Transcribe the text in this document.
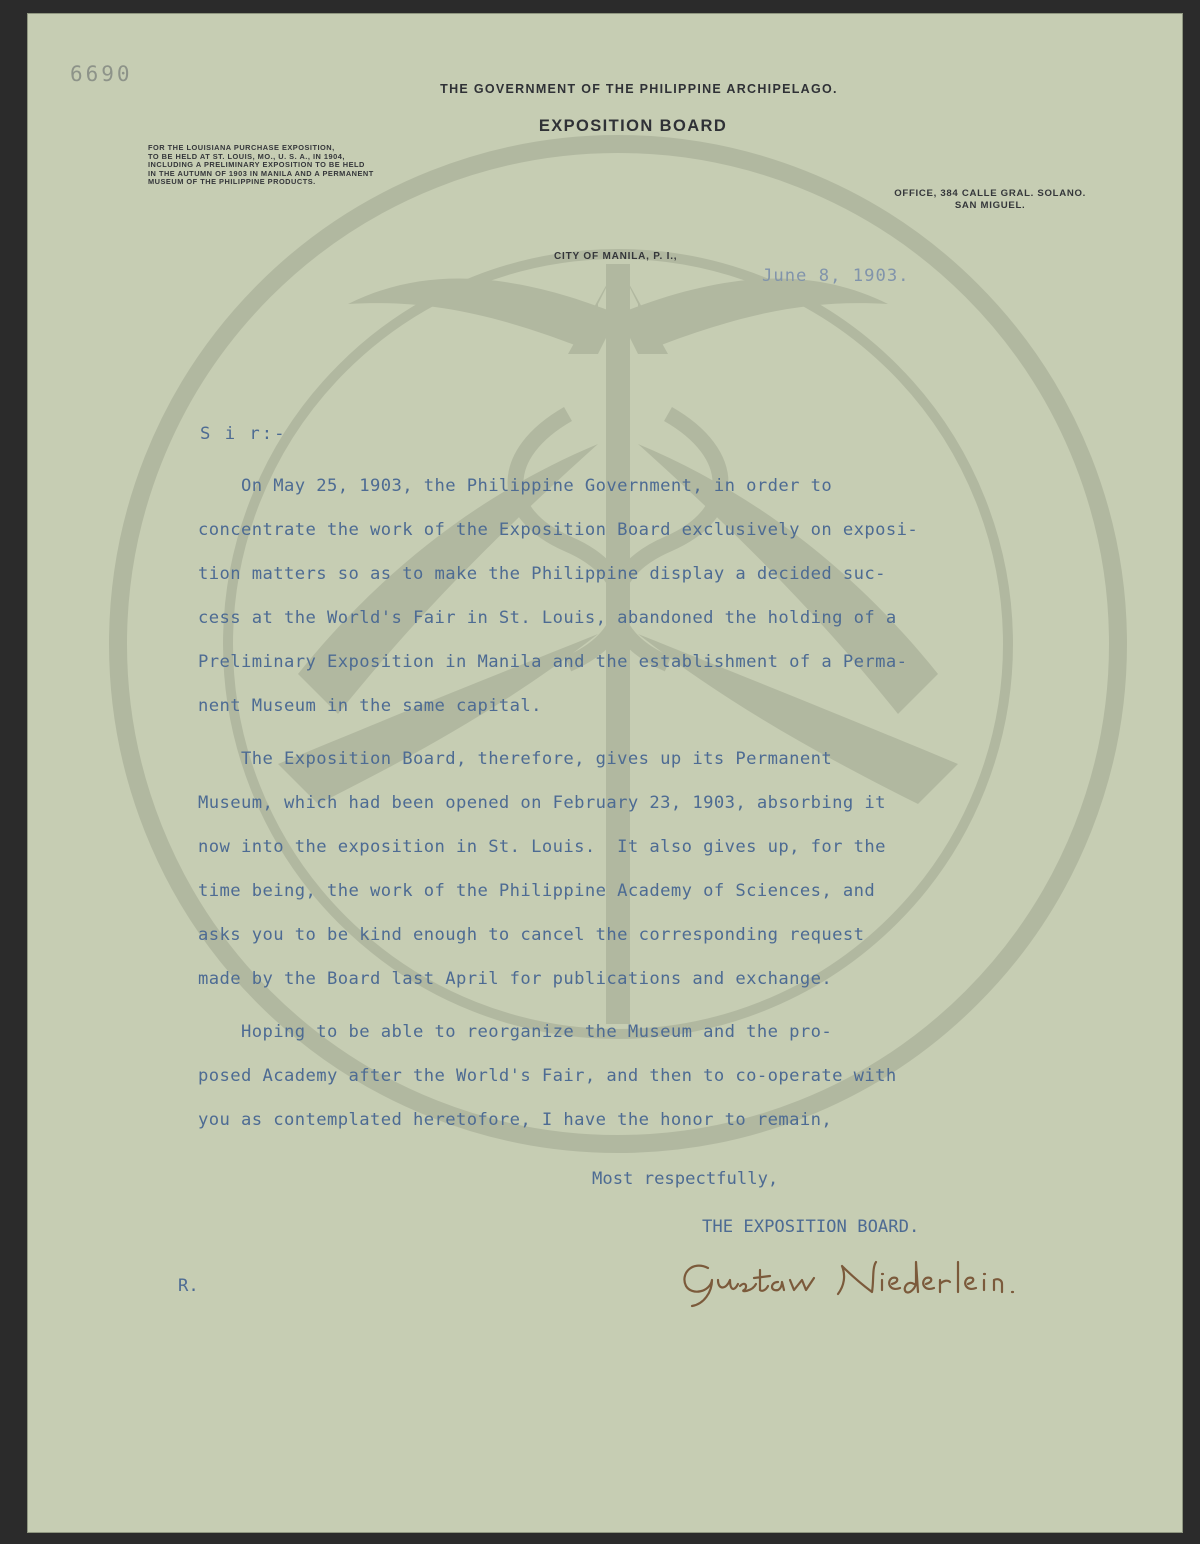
6690
THE GOVERNMENT OF THE PHILIPPINE ARCHIPELAGO.
EXPOSITION BOARD
FOR THE LOUISIANA PURCHASE EXPOSITION,
TO BE HELD AT ST. LOUIS, MO., U. S. A., IN 1904,
INCLUDING A PRELIMINARY EXPOSITION TO BE HELD
IN THE AUTUMN OF 1903 IN MANILA AND A PERMANENT
MUSEUM OF THE PHILIPPINE PRODUCTS.
OFFICE, 384 CALLE GRAL. SOLANO.
SAN MIGUEL.
CITY OF MANILA, P. I.,
June 8, 1903.
S i r:-
On May 25, 1903, the Philippine Government, in order to
concentrate the work of the Exposition Board exclusively on exposi-
tion matters so as to make the Philippine display a decided suc-
cess at the World's Fair in St. Louis, abandoned the holding of a
Preliminary Exposition in Manila and the establishment of a Perma-
nent Museum in the same capital.
The Exposition Board, therefore, gives up its Permanent
Museum, which had been opened on February 23, 1903, absorbing it
now into the exposition in St. Louis.  It also gives up, for the
time being, the work of the Philippine Academy of Sciences, and
asks you to be kind enough to cancel the corresponding request
made by the Board last April for publications and exchange.
Hoping to be able to reorganize the Museum and the pro-
posed Academy after the World's Fair, and then to co-operate with
you as contemplated heretofore, I have the honor to remain,
Most respectfully,
THE EXPOSITION BOARD.
R.
